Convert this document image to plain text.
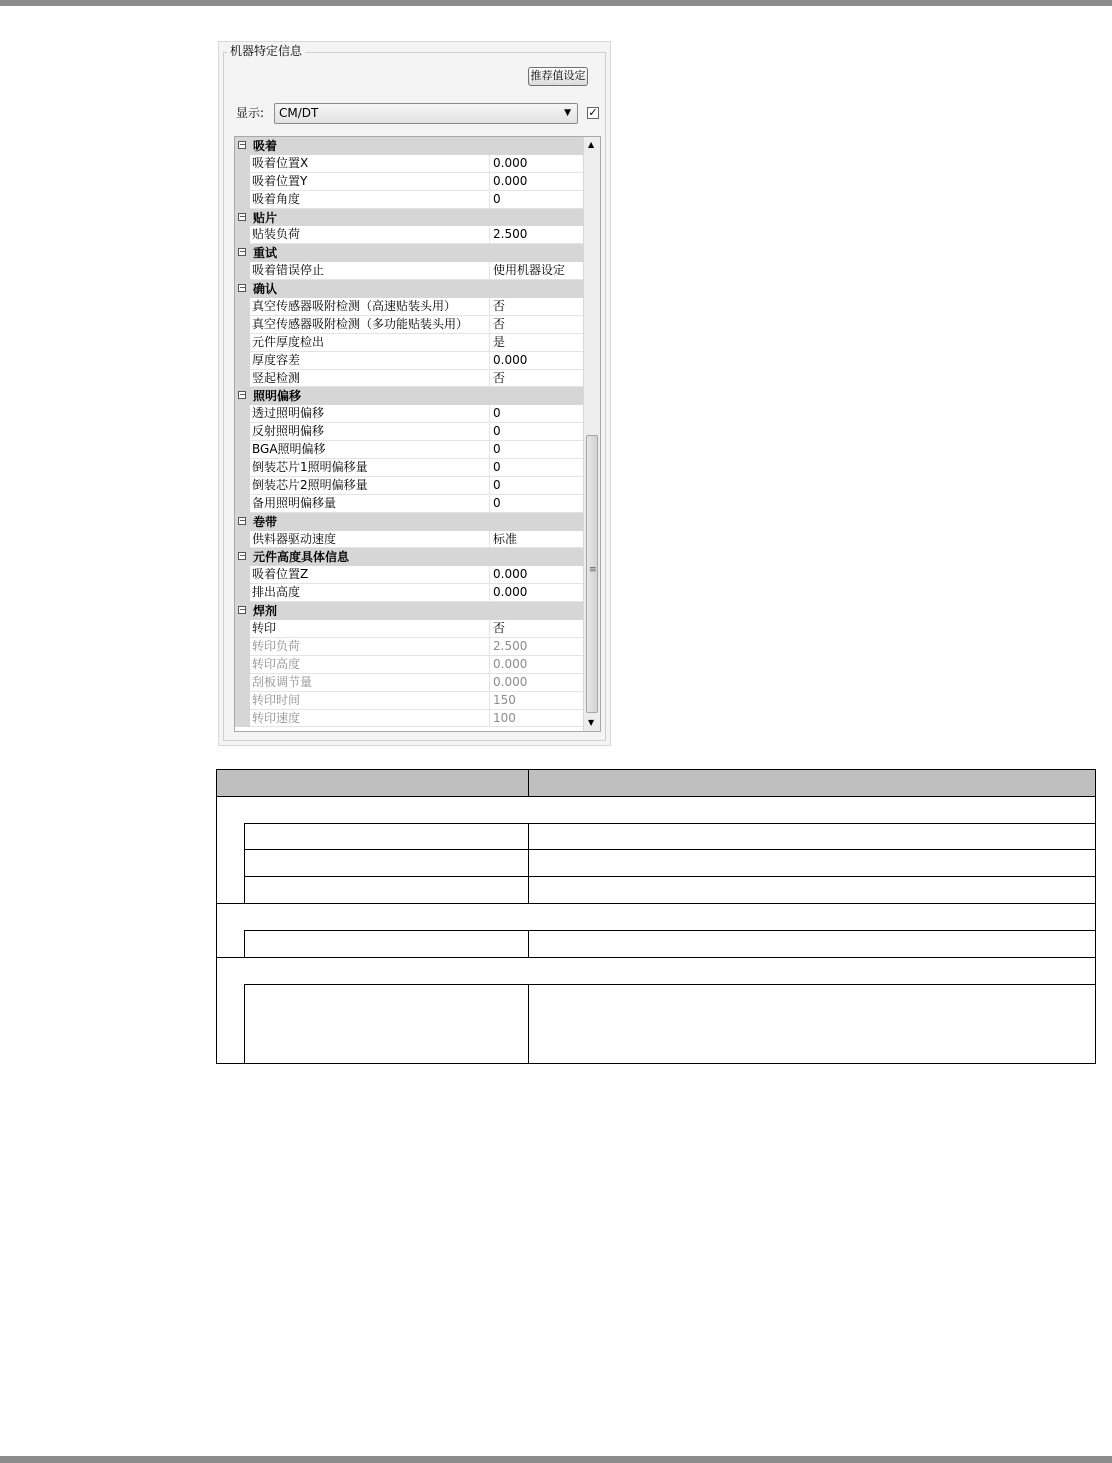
机器特定信息
推荐值设定
显示:	CM/DT	▼ ✓
− 吸着
吸着位置X	0.000
吸着位置Y	0.000
吸着角度	0
− 贴片
贴装负荷	2.500
− 重试
吸着错误停止	使用机器设定
− 确认
真空传感器吸附检测（高速贴装头用）	否
真空传感器吸附检测（多功能贴装头用）	否
元件厚度检出	是
厚度容差	0.000
竖起检测	否
− 照明偏移
透过照明偏移	0
反射照明偏移	0
BGA照明偏移	0
倒装芯片1照明偏移量	0
倒装芯片2照明偏移量	0
备用照明偏移量	0
− 卷带
供料器驱动速度	标准
− 元件高度具体信息
吸着位置Z	0.000
排出高度	0.000
− 焊剂
转印	否
转印负荷	2.500
转印高度	0.000
刮板调节量	0.000
转印时间	150
转印速度	100
▲
≡
▼
